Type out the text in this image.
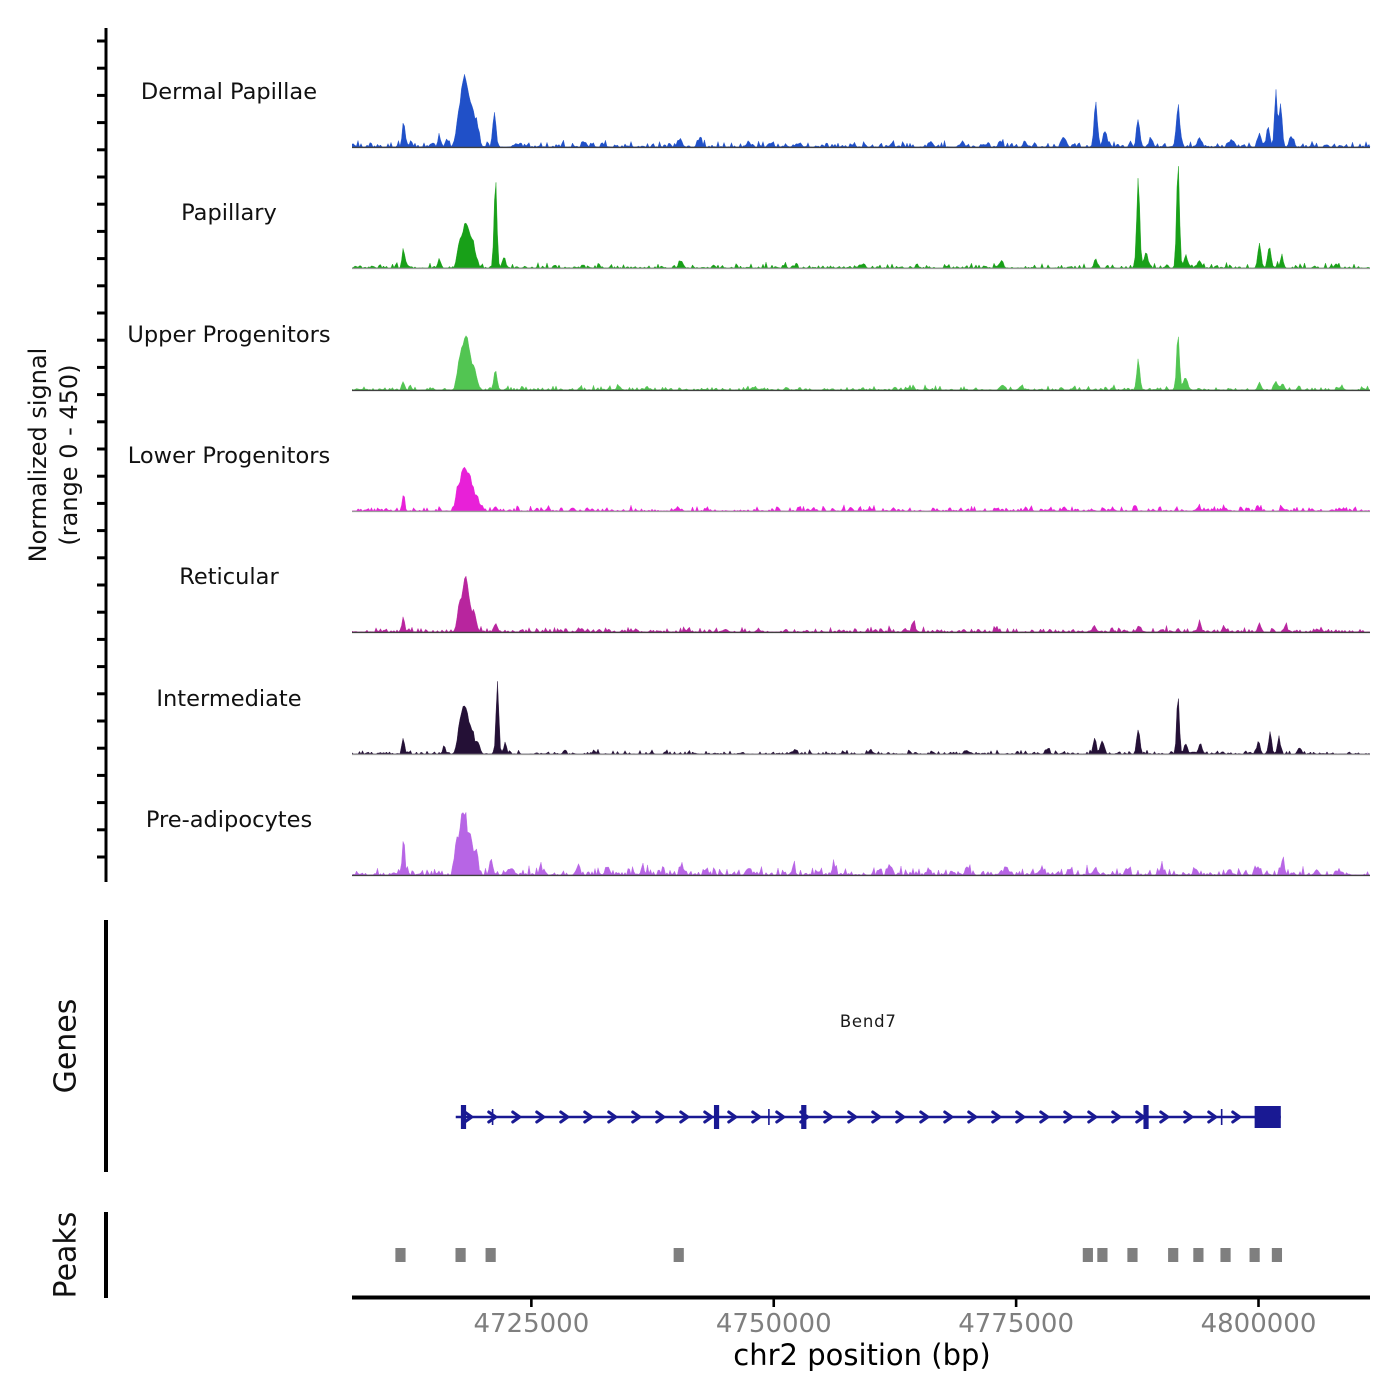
Normalized signal (range 0 - 450)
Dermal Papillae
Papillary
Upper Progenitors
Lower Progenitors
Reticular
Intermediate
Pre-adipocytes
Genes	Bend7
Peaks
4725000	4750000	4775000	4800000
chr2 position (bp)
